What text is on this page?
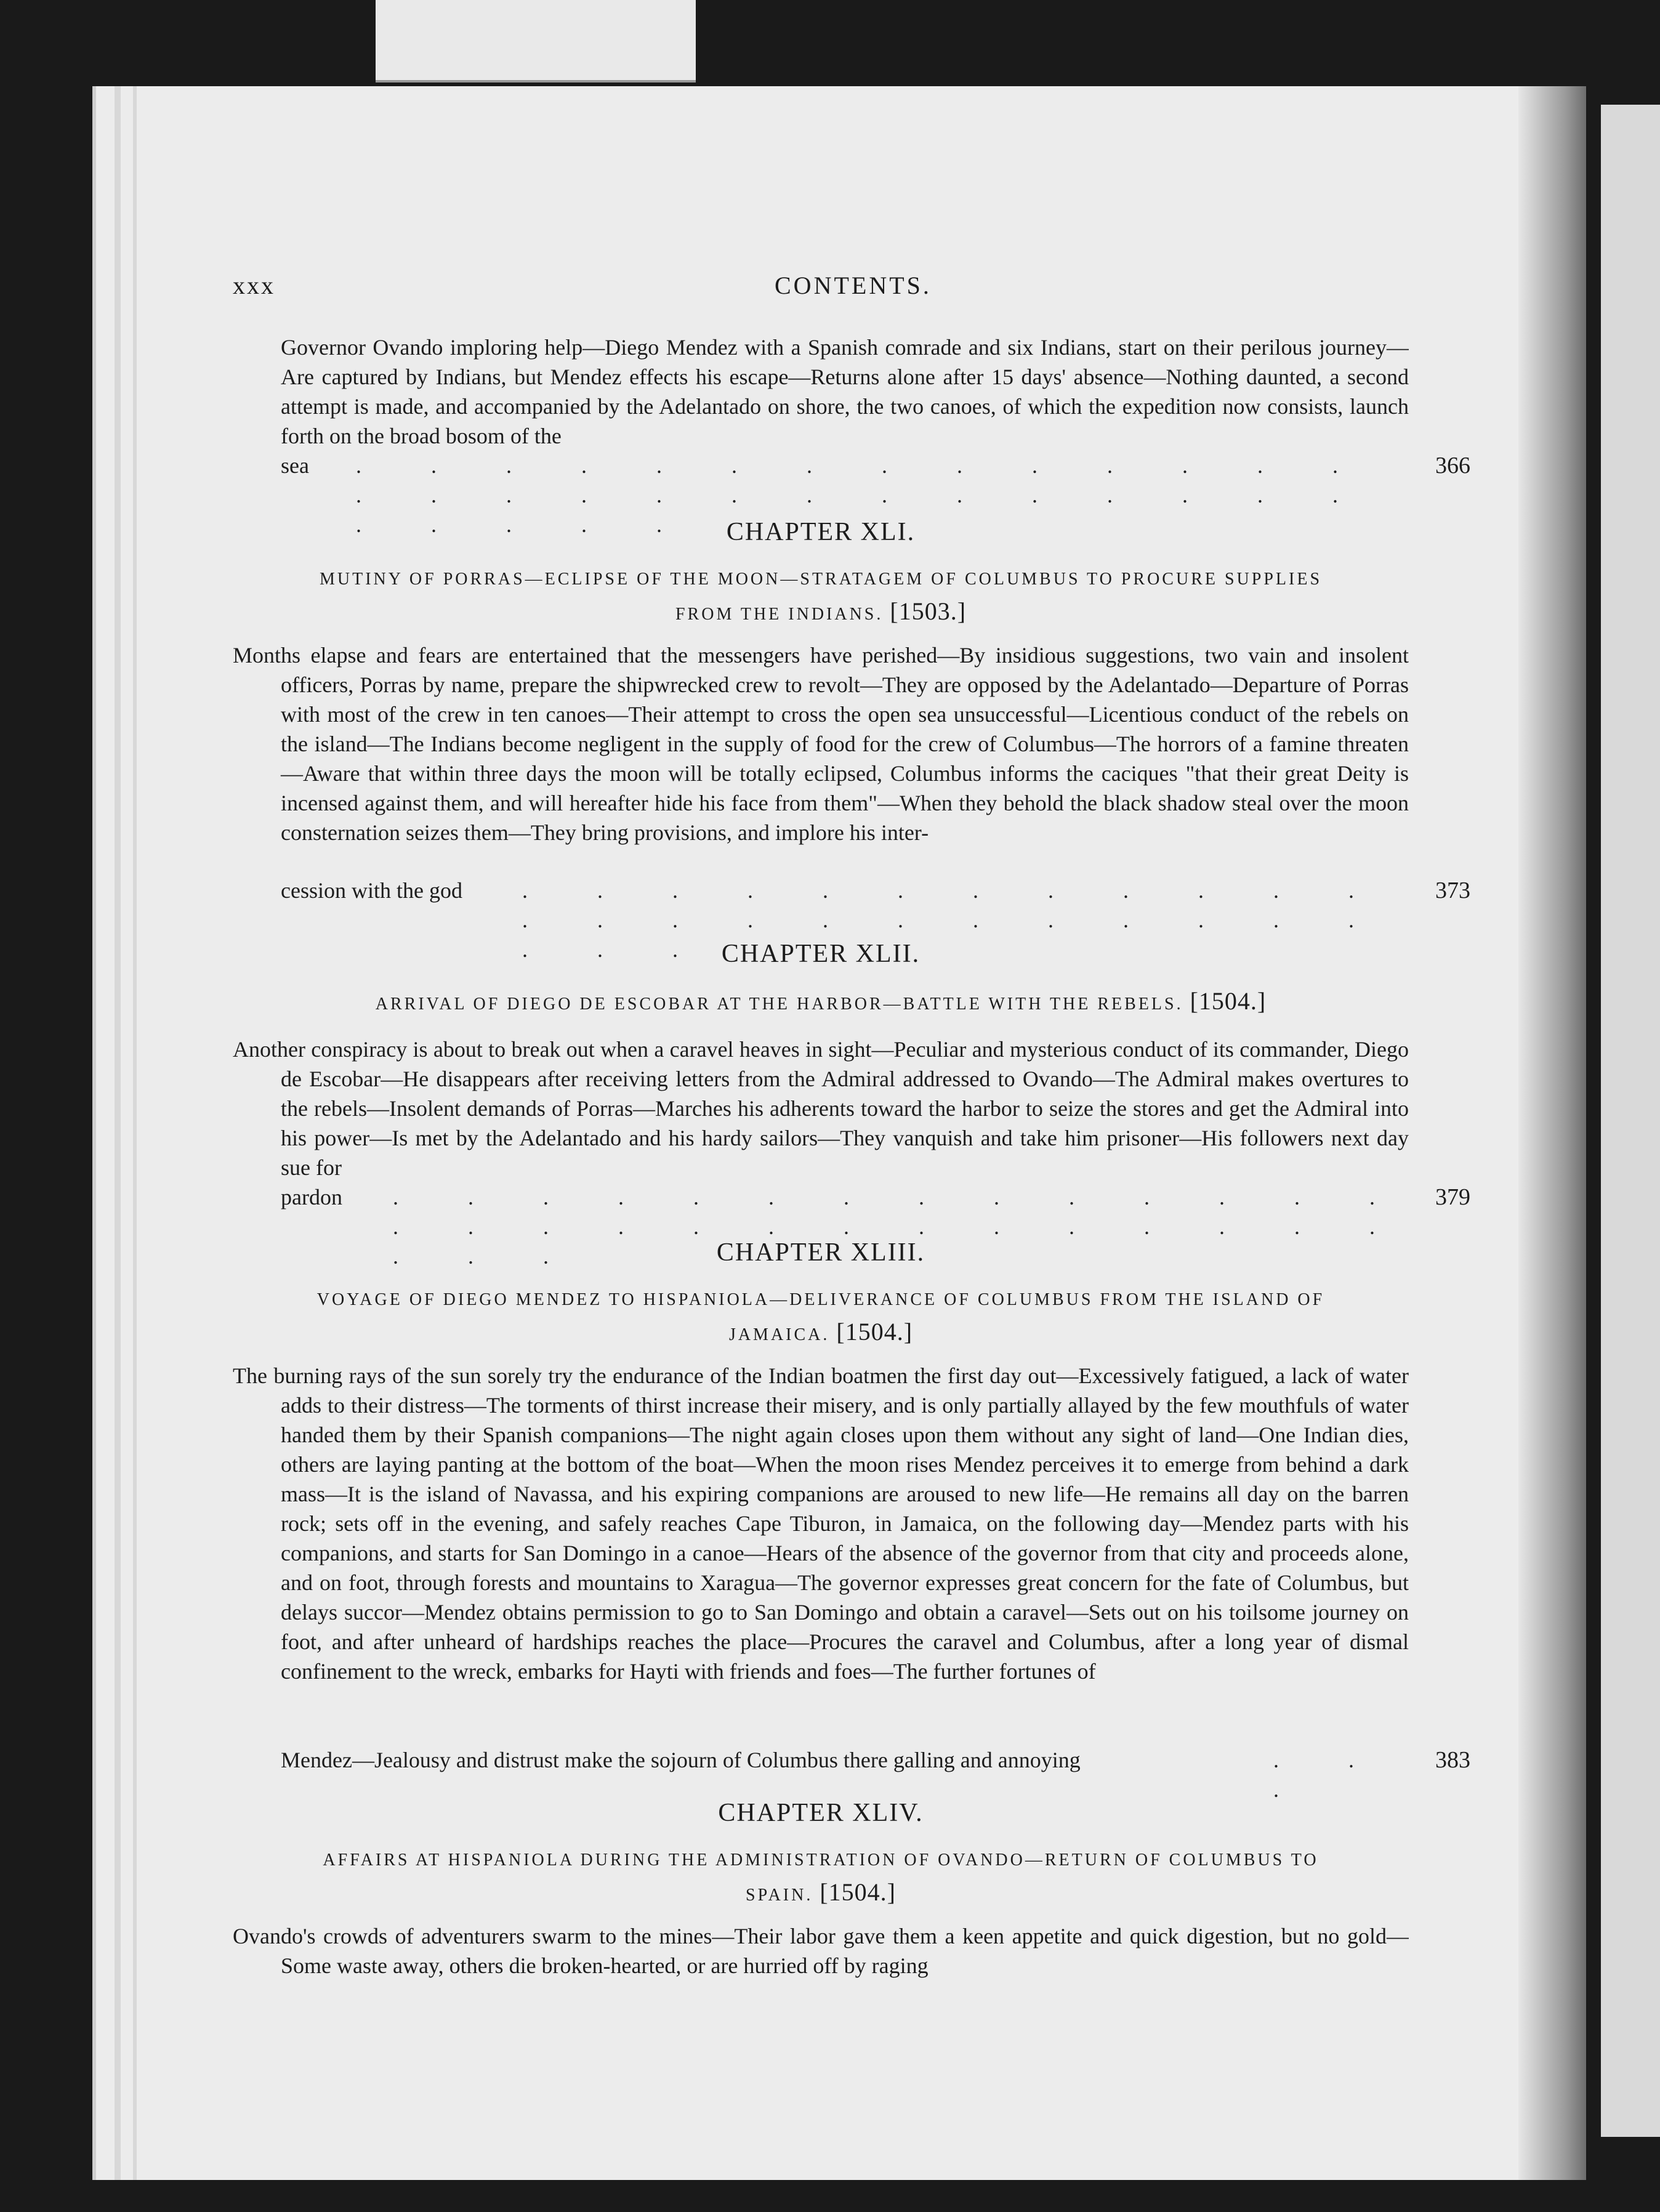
xxx	CONTENTS.
Governor Ovando imploring help—Diego Mendez with a Spanish comrade and six Indians, start on their perilous journey—Are captured by Indians, but Mendez effects his escape—Returns alone after 15 days' absence—Nothing daunted, a second attempt is made, and accompanied by the Adelantado on shore, the two canoes, of which the expedition now consists, launch forth on the broad bosom of the
sea . . . . . . . . . . . . . . . . . . . . . . . . . . . . . . . . .
366
CHAPTER XLI.
MUTINY OF PORRAS—ECLIPSE OF THE MOON—STRATAGEM OF COLUMBUS TO PROCURE SUPPLIES FROM THE INDIANS. [1503.]
Months elapse and fears are entertained that the messengers have perished—By insidious suggestions, two vain and insolent officers, Porras by name, prepare the shipwrecked crew to revolt—They are opposed by the Adelantado—Departure of Porras with most of the crew in ten canoes—Their attempt to cross the open sea unsuccessful—Licentious conduct of the rebels on the island—The Indians become negligent in the supply of food for the crew of Columbus—The horrors of a famine threaten—Aware that within three days the moon will be totally eclipsed, Columbus informs the caciques "that their great Deity is incensed against them, and will hereafter hide his face from them"—When they behold the black shadow steal over the moon consternation seizes them—They bring provisions, and implore his inter-
cession with the god	. . . . . . . . . . . . . . . . . . . . . . . . . . .
373
CHAPTER XLII.
ARRIVAL OF DIEGO DE ESCOBAR AT THE HARBOR—BATTLE WITH THE REBELS. [1504.]
Another conspiracy is about to break out when a caravel heaves in sight—Peculiar and mysterious conduct of its commander, Diego de Escobar—He disappears after receiving letters from the Admiral addressed to Ovando—The Admiral makes overtures to the rebels—Insolent demands of Porras—Marches his adherents toward the harbor to seize the stores and get the Admiral into his power—Is met by the Adelantado and his hardy sailors—They vanquish and take him prisoner—His followers next day sue for
pardon . . . . . . . . . . . . . . . . . . . . . . . . . . . . . . .
379
CHAPTER XLIII.
VOYAGE OF DIEGO MENDEZ TO HISPANIOLA—DELIVERANCE OF COLUMBUS FROM THE ISLAND OF JAMAICA. [1504.]
The burning rays of the sun sorely try the endurance of the Indian boatmen the first day out—Excessively fatigued, a lack of water adds to their distress—The torments of thirst increase their misery, and is only partially allayed by the few mouthfuls of water handed them by their Spanish companions—The night again closes upon them without any sight of land—One Indian dies, others are laying panting at the bottom of the boat—When the moon rises Mendez perceives it to emerge from behind a dark mass—It is the island of Navassa, and his expiring companions are aroused to new life—He remains all day on the barren rock; sets off in the evening, and safely reaches Cape Tiburon, in Jamaica, on the following day—Mendez parts with his companions, and starts for San Domingo in a canoe—Hears of the absence of the governor from that city and proceeds alone, and on foot, through forests and mountains to Xaragua—The governor expresses great concern for the fate of Columbus, but delays succor—Mendez obtains permission to go to San Domingo and obtain a caravel—Sets out on his toilsome journey on foot, and after unheard of hardships reaches the place—Procures the caravel and Columbus, after a long year of dismal confinement to the wreck, embarks for Hayti with friends and foes—The further fortunes of
Mendez—Jealousy and distrust make the sojourn of Columbus there galling and annoying	. . .
383
CHAPTER XLIV.
AFFAIRS AT HISPANIOLA DURING THE ADMINISTRATION OF OVANDO—RETURN OF COLUMBUS TO SPAIN. [1504.]
Ovando's crowds of adventurers swarm to the mines—Their labor gave them a keen appetite and quick digestion, but no gold—Some waste away, others die broken-hearted, or are hurried off by raging
